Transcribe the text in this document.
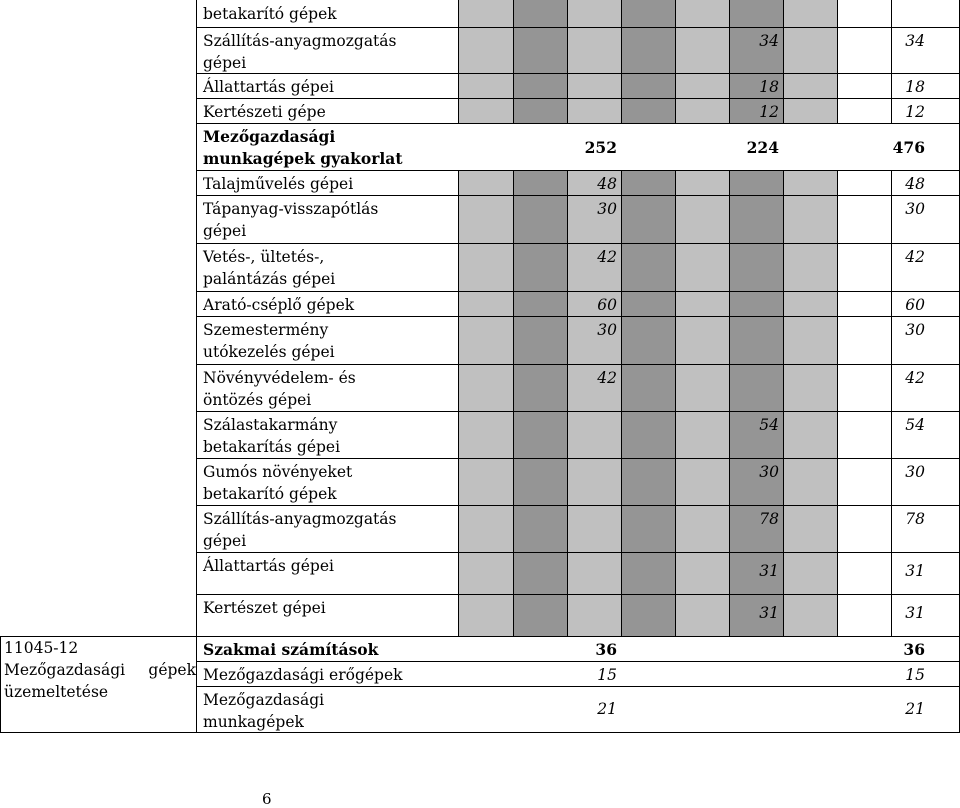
betakarító gépek
Szállítás-anyagmozgatás
gépei
34	34
Állattartás gépei	18	18
Kertészeti gépe	12	12
Mezőgazdasági
munkagépek gyakorlat
252	224	476
Talajművelés gépei	48	48
Tápanyag-visszapótlás
gépei
30	30
Vetés-, ültetés-,
palántázás gépei
42	42
Arató-cséplő gépek	60	60
Szemestermény
utókezelés gépei
30	30
Növényvédelem- és
öntözés gépei
42	42
Szálastakarmány
betakarítás gépei
54	54
Gumós növényeket
betakarító gépek
30	30
Szállítás-anyagmozgatás
gépei
78	78
Állattartás gépei	31	31
Kertészet gépei	31	31
Szakmai számítások	36	36
Mezőgazdasági erőgépek	15	15
Mezőgazdasági
munkagépek
21	21
11045-12
Mezőgazdasági gépek
üzemeltetése
6
